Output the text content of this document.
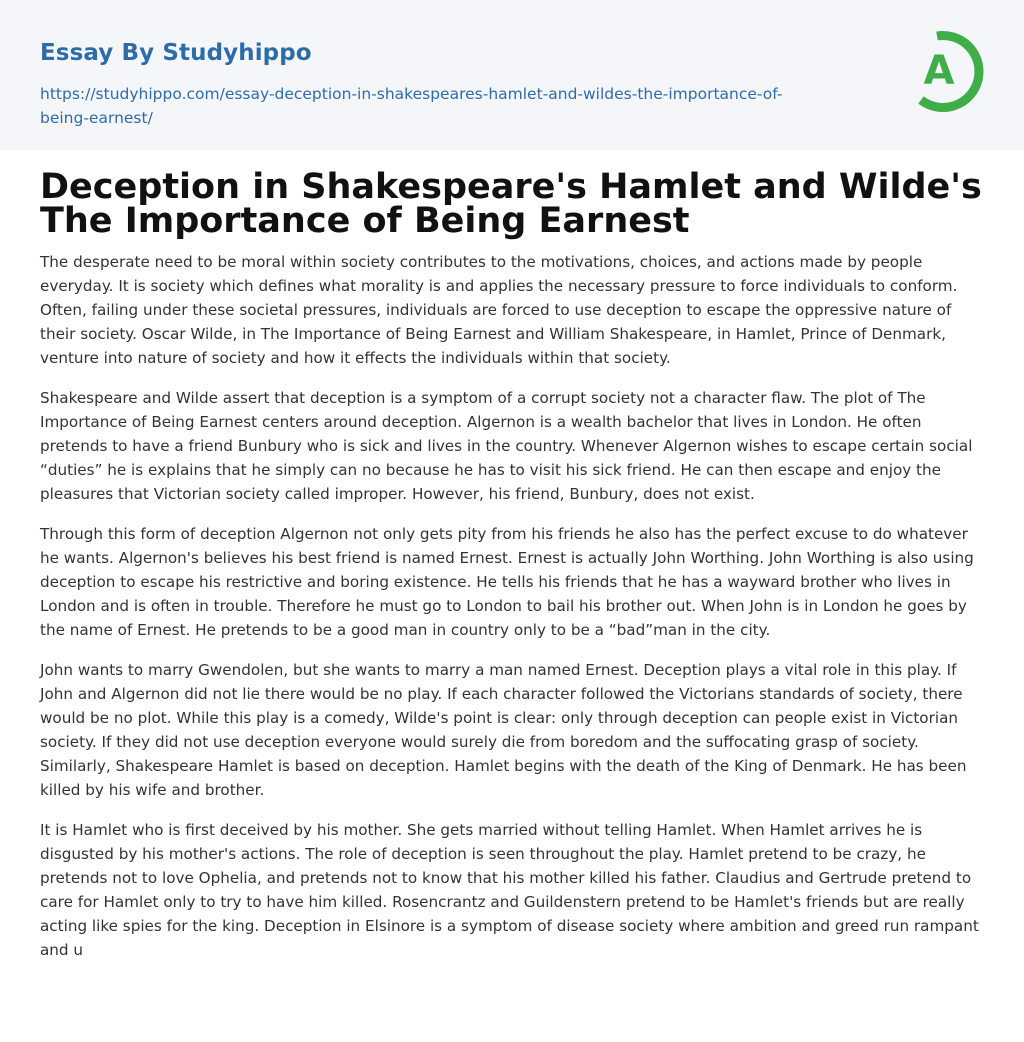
Essay By Studyhippo
https://studyhippo.com/essay-deception-in-shakespeares-hamlet-and-wildes-the-importance-of-being-earnest/
A
Deception in Shakespeare's Hamlet and Wilde's The Importance of Being Earnest

The desperate need to be moral within society contributes to the motivations, choices, and actions made by people everyday. It is society which defines what morality is and applies the necessary pressure to force individuals to conform. Often, failing under these societal pressures, individuals are forced to use deception to escape the oppressive nature of their society. Oscar Wilde, in The Importance of Being Earnest and William Shakespeare, in Hamlet, Prince of Denmark, venture into nature of society and how it effects the individuals within that society.

Shakespeare and Wilde assert that deception is a symptom of a corrupt society not a character flaw. The plot of The Importance of Being Earnest centers around deception. Algernon is a wealth bachelor that lives in London. He often pretends to have a friend Bunbury who is sick and lives in the country. Whenever Algernon wishes to escape certain social “duties” he is explains that he simply can no because he has to visit his sick friend. He can then escape and enjoy the pleasures that Victorian society called improper. However, his friend, Bunbury, does not exist.

Through this form of deception Algernon not only gets pity from his friends he also has the perfect excuse to do whatever he wants. Algernon's believes his best friend is named Ernest. Ernest is actually John Worthing. John Worthing is also using deception to escape his restrictive and boring existence. He tells his friends that he has a wayward brother who lives in London and is often in trouble. Therefore he must go to London to bail his brother out. When John is in London he goes by the name of Ernest. He pretends to be a good man in country only to be a “bad”man in the city.

John wants to marry Gwendolen, but she wants to marry a man named Ernest. Deception plays a vital role in this play. If John and Algernon did not lie there would be no play. If each character followed the Victorians standards of society, there would be no plot. While this play is a comedy, Wilde's point is clear: only through deception can people exist in Victorian society. If they did not use deception everyone would surely die from boredom and the suffocating grasp of society. Similarly, Shakespeare Hamlet is based on deception. Hamlet begins with the death of the King of Denmark. He has been killed by his wife and brother.

It is Hamlet who is first deceived by his mother. She gets married without telling Hamlet. When Hamlet arrives he is disgusted by his mother's actions. The role of deception is seen throughout the play. Hamlet pretend to be crazy, he pretends not to love Ophelia, and pretends not to know that his mother killed his father. Claudius and Gertrude pretend to care for Hamlet only to try to have him killed. Rosencrantz and Guildenstern pretend to be Hamlet's friends but are really acting like spies for the king. Deception in Elsinore is a symptom of disease society where ambition and greed run rampant and u
